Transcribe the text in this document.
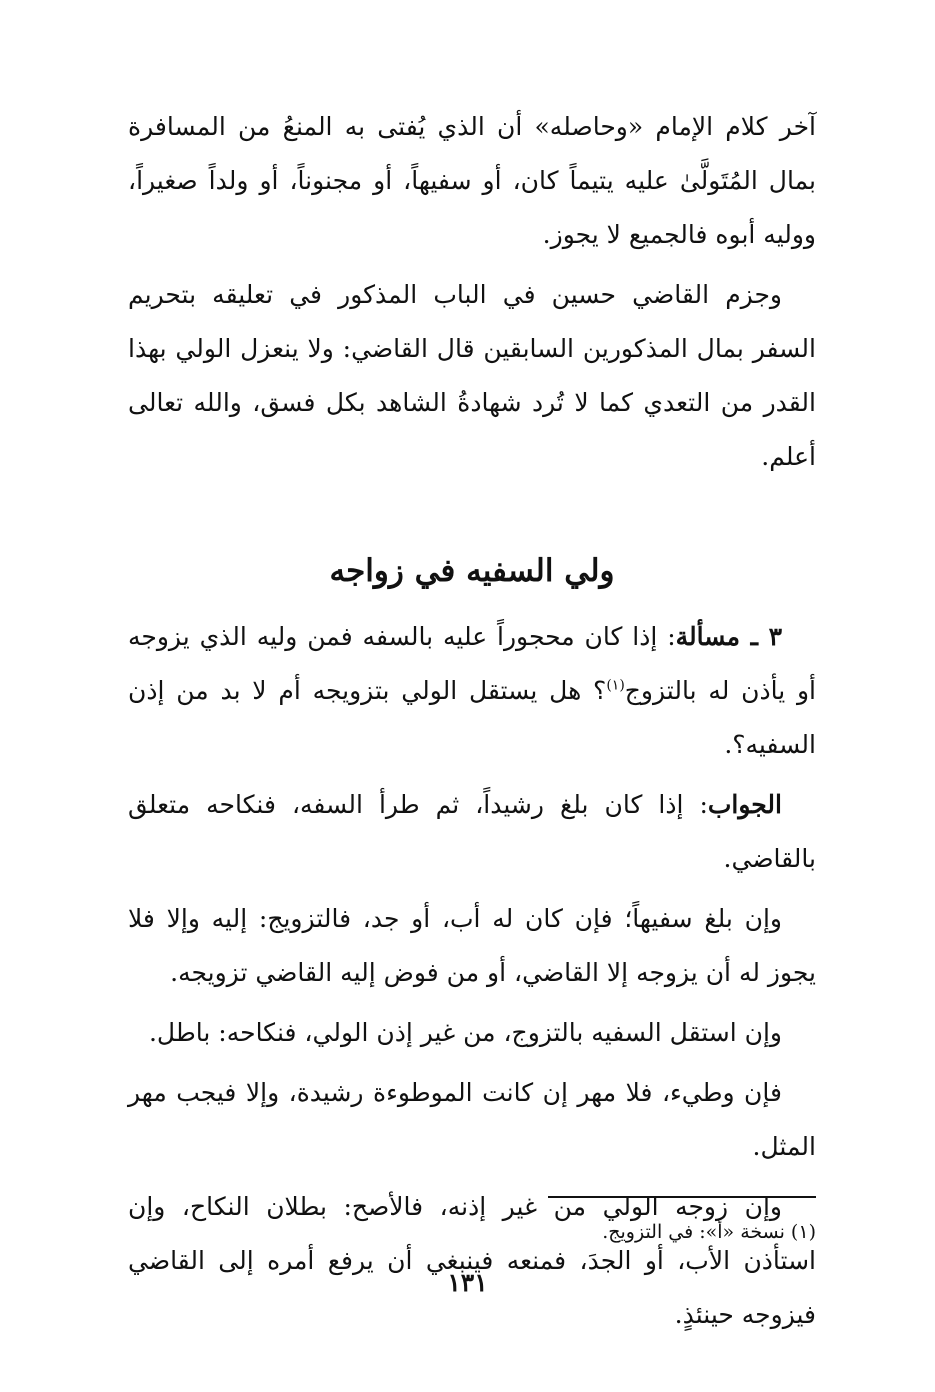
آخر كلام الإمام «وحاصله» أن الذي يُفتى به المنعُ من المسافرة بمال المُتَولَّىٰ عليه يتيماً كان، أو سفيهاً، أو مجنوناً، أو ولداً صغيراً، ووليه أبوه فالجميع لا يجوز.

وجزم القاضي حسين في الباب المذكور في تعليقه بتحريم السفر بمال المذكورين السابقين قال القاضي: ولا ينعزل الولي بهذا القدر من التعدي كما لا تُرد شهادةُ الشاهد بكل فسق، والله تعالى أعلم.

ولي السفيه في زواجه

٣ ـ مسألة: إذا كان محجوراً عليه بالسفه فمن وليه الذي يزوجه أو يأذن له بالتزوج$^{(١)}$؟ هل يستقل الولي بتزويجه أم لا بد من إذن السفيه؟.

الجواب: إذا كان بلغ رشيداً، ثم طرأ السفه، فنكاحه متعلق بالقاضي.

وإن بلغ سفيهاً؛ فإن كان له أب، أو جد، فالتزويج: إليه وإلا فلا يجوز له أن يزوجه إلا القاضي، أو من فوض إليه القاضي تزويجه.

وإن استقل السفيه بالتزوج، من غير إذن الولي، فنكاحه: باطل.

فإن وطيء، فلا مهر إن كانت الموطوءة رشيدة، وإلا فيجب مهر المثل.

وإن زوجه الولي من غير إذنه، فالأصح: بطلان النكاح، وإن استأذن الأب، أو الجدَ، فمنعه فينبغي أن يرفع أمره إلى القاضي فيزوجه حينئذٍ.

(١) نسخة «أ»: في التزويج.
١٣١
